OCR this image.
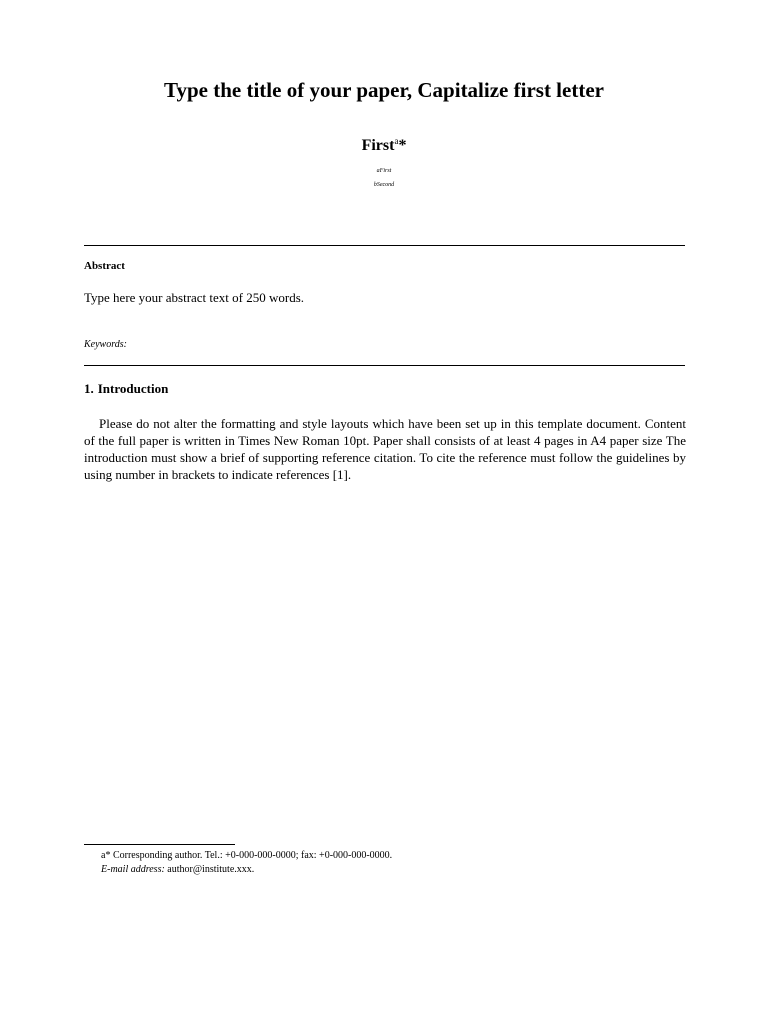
Type the title of your paper, Capitalize first letter
First$^a$*
aFirst
bSecond
Abstract
Type here your abstract text of 250 words.
Keywords:
1. Introduction

Please do not alter the formatting and style layouts which have been set up in this template document. Content of the full paper is written in Times New Roman 10pt. Paper shall consists of at least 4 pages in A4 paper size The introduction must show a brief of supporting reference citation. To cite the reference must follow the guidelines by using number in brackets to indicate references [1].

a* Corresponding author. Tel.: +0-000-000-0000; fax: +0-000-000-0000.
E-mail address: author@institute.xxx.
